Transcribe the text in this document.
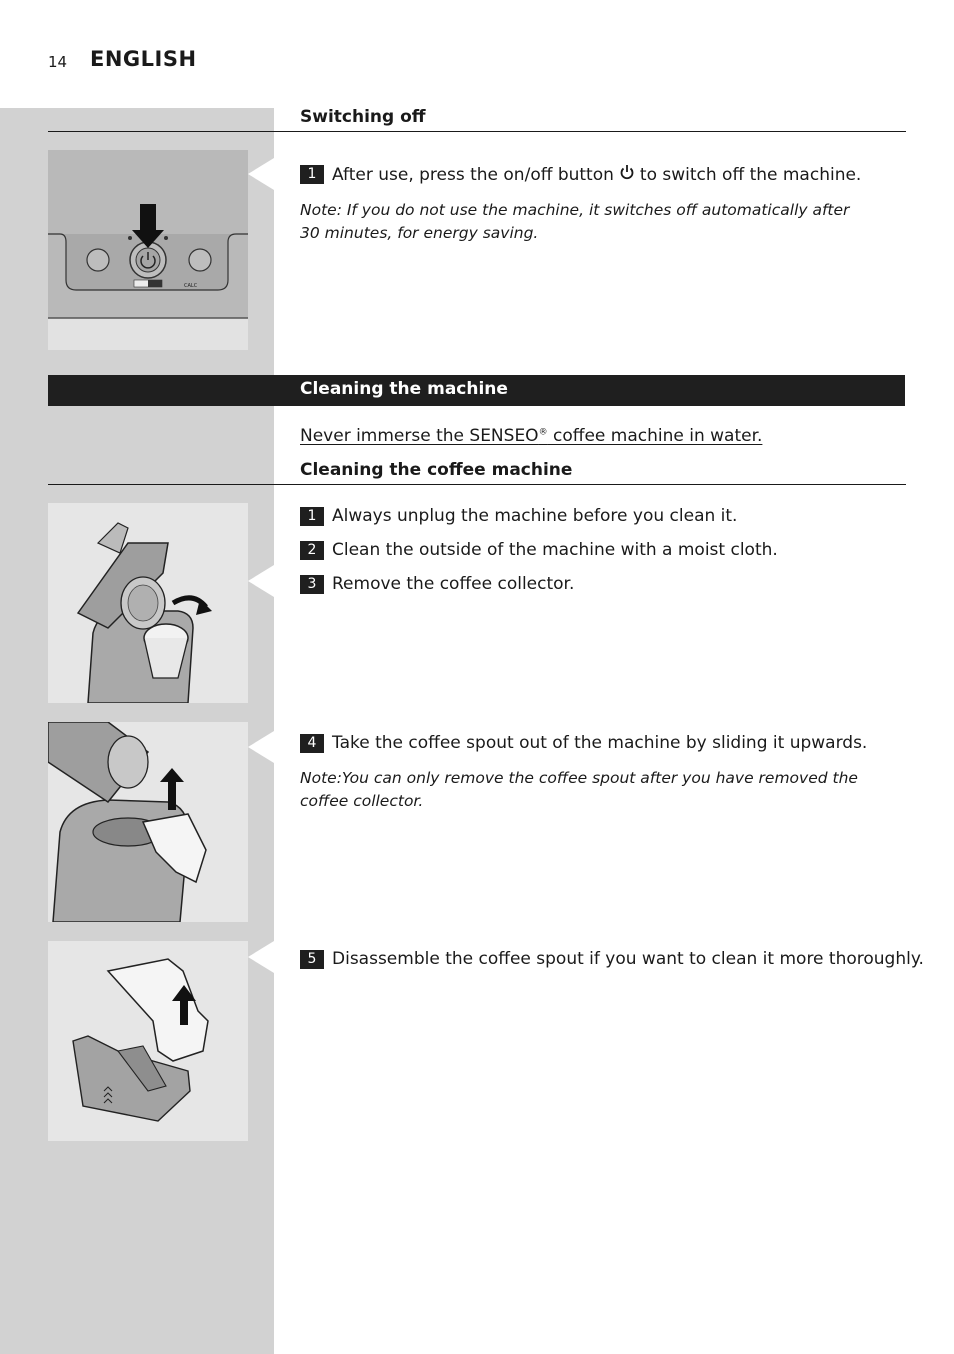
14 ENGLISH
Switching off
CALC
1 After use, press the on/off button to switch off the machine.
Note: If you do not use the machine, it switches off automatically after
30 minutes, for energy saving.
Cleaning the machine
Never immerse the SENSEO® coffee machine in water.
Cleaning the coffee machine
1 Always unplug the machine before you clean it.
2 Clean the outside of the machine with a moist cloth.
3 Remove the coffee collector.
4 Take the coffee spout out of the machine by sliding it upwards.
Note:You can only remove the coffee spout after you have removed the
coffee collector.
5 Disassemble the coffee spout if you want to clean it more thoroughly.
